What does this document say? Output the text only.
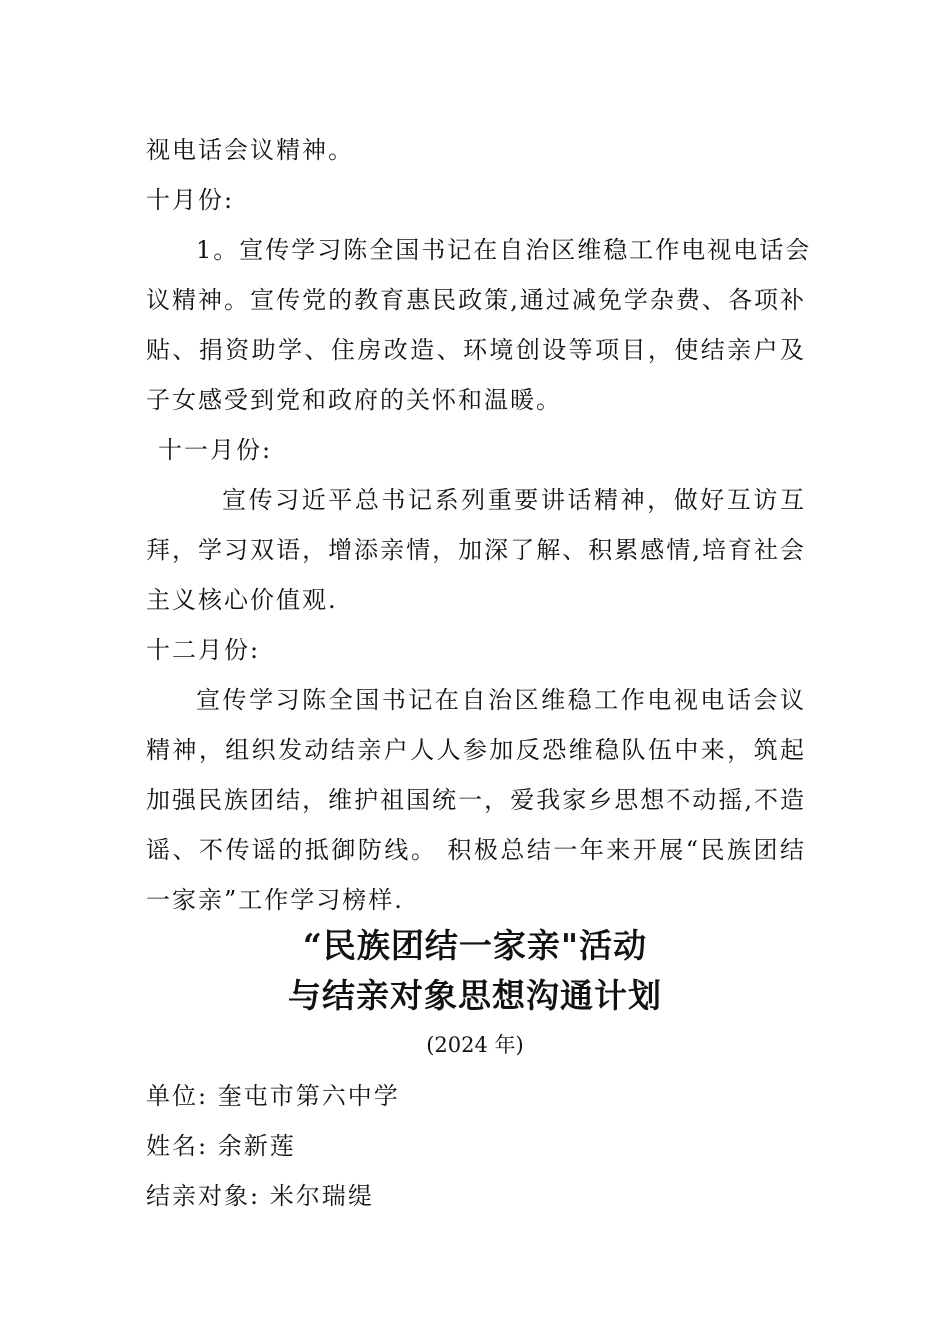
视电话会议精神。
十月份:
1。宣传学习陈全国书记在自治区维稳工作电视电话会
议精神。宣传党的教育惠民政策,通过减免学杂费、各项补
贴、捐资助学、住房改造、环境创设等项目，使结亲户及
子女感受到党和政府的关怀和温暖。
十一月份:
宣传习近平总书记系列重要讲话精神，做好互访互
拜，学习双语，增添亲情，加深了解、积累感情,培育社会
主义核心价值观.
十二月份:
宣传学习陈全国书记在自治区维稳工作电视电话会议
精神，组织发动结亲户人人参加反恐维稳队伍中来，筑起
加强民族团结，维护祖国统一，爱我家乡思想不动摇,不造
谣、不传谣的抵御防线。 积极总结一年来开展“民族团结
一家亲”工作学习榜样.
“民族团结一家亲"活动
与结亲对象思想沟通计划
(2024 年)
单位: 奎屯市第六中学
姓名: 余新莲
结亲对象: 米尔瑞缇
